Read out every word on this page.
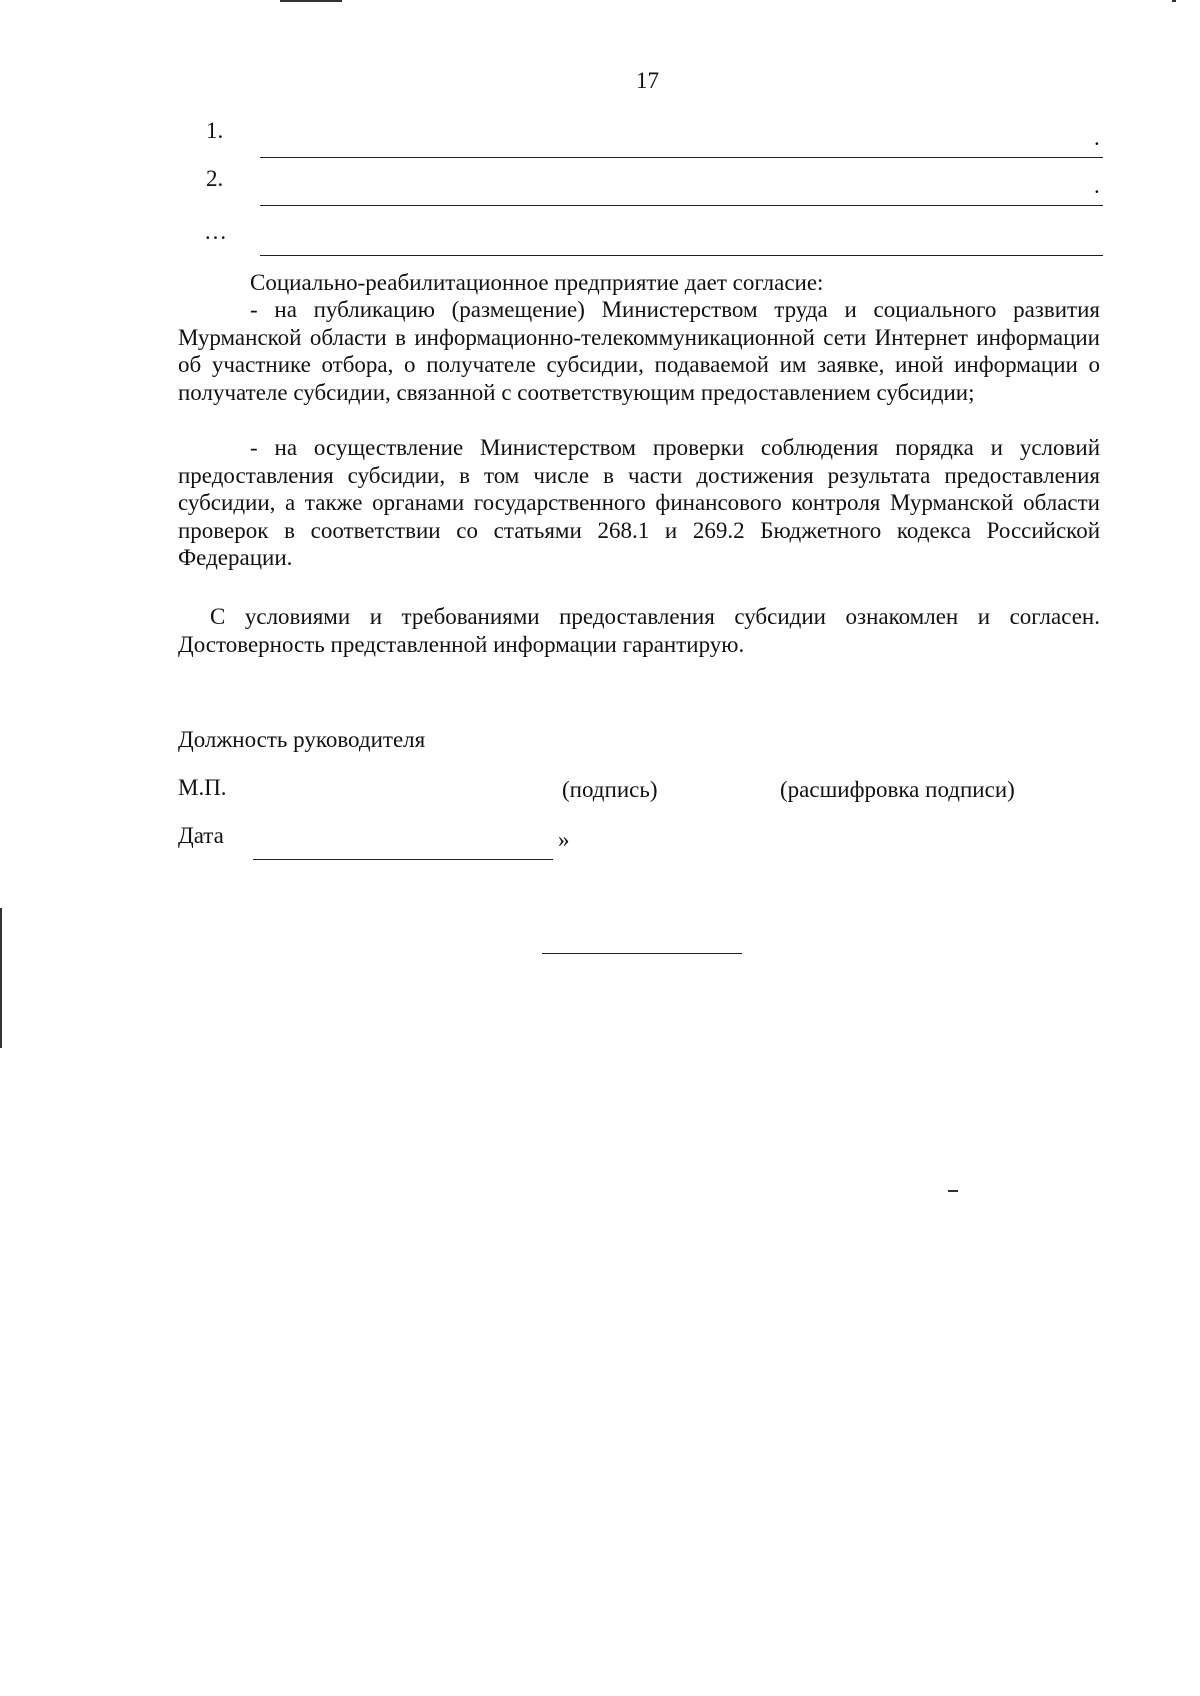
17
1.	.
2.	.
…
Социально-реабилитационное предприятие дает согласие:
- на публикацию (размещение) Министерством труда и социального развития Мурманской области в информационно-телекоммуникационной сети Интернет информации об участнике отбора, о получателе субсидии, подаваемой им заявке, иной информации о получателе субсидии, связанной с соответствующим предоставлением субсидии;
- на осуществление Министерством проверки соблюдения порядка и условий предоставления субсидии, в том числе в части достижения результата предоставления субсидии, а также органами государственного финансового контроля Мурманской области проверок в соответствии со статьями 268.1 и 269.2 Бюджетного кодекса Российской Федерации.
С условиями и требованиями предоставления субсидии ознакомлен и согласен. Достоверность представленной информации гарантирую.
Должность руководителя
М.П.	(подпись)	(расшифровка подписи)
Дата	»
